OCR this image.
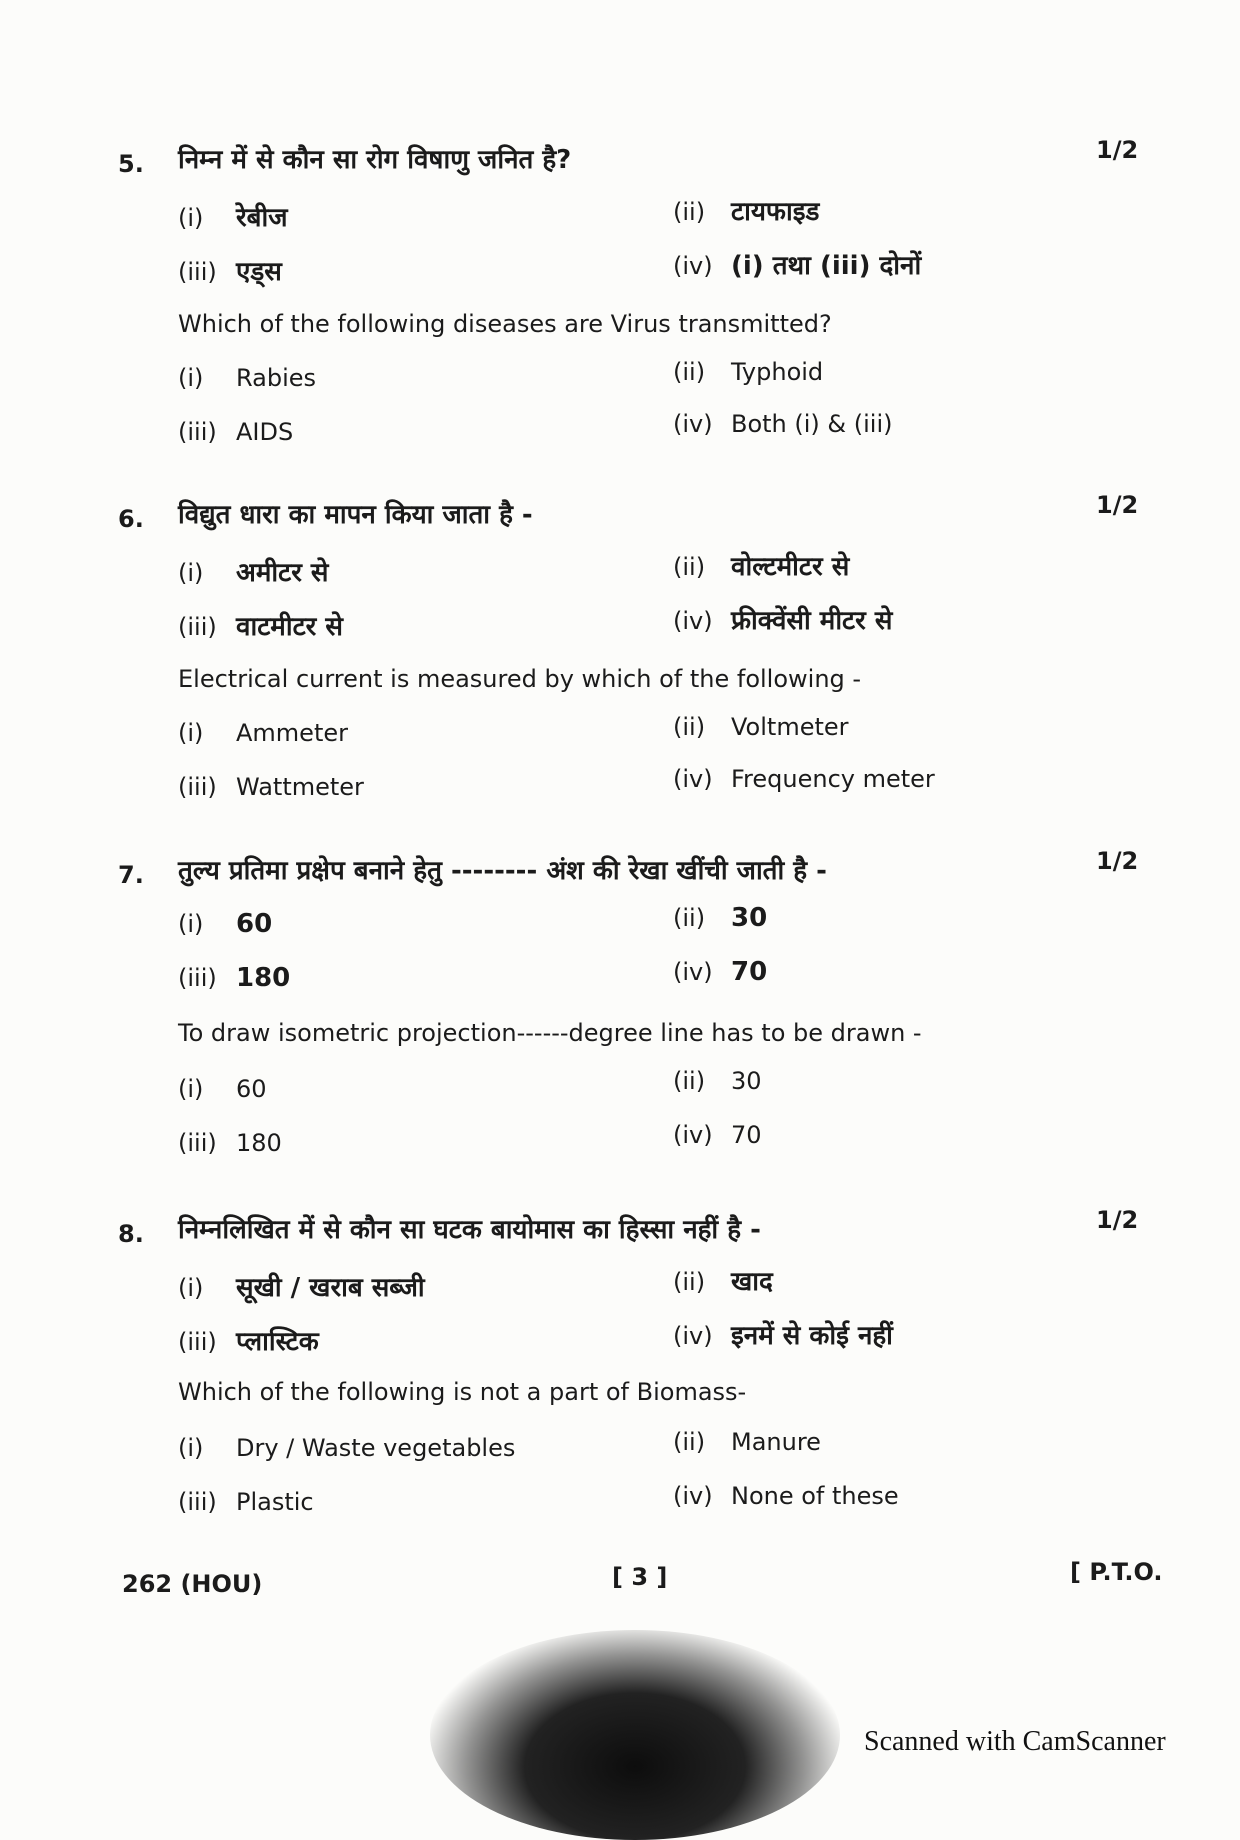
5. निम्न में से कौन सा रोग विषाणु जनित है?	1/2
(i) रेबीज	(ii) टायफाइड
(iii) एड्स	(iv) (i) तथा (iii) दोनों
Which of the following diseases are Virus transmitted?
(i) Rabies	(ii) Typhoid
(iii) AIDS	(iv) Both (i) & (iii)
6. विद्युत धारा का मापन किया जाता है -	1/2
(i) अमीटर से	(ii) वोल्टमीटर से
(iii) वाटमीटर से	(iv) फ्रीक्वेंसी मीटर से
Electrical current is measured by which of the following -
(i) Ammeter	(ii) Voltmeter
(iii) Wattmeter	(iv) Frequency meter
7. तुल्य प्रतिमा प्रक्षेप बनाने हेतु -------- अंश की रेखा खींची जाती है -	1/2
(i) 60	(ii) 30
(iii) 180	(iv) 70
To draw isometric projection------degree line has to be drawn -
(i) 60	(ii) 30
(iii) 180	(iv) 70
8. निम्नलिखित में से कौन सा घटक बायोमास का हिस्सा नहीं है -	1/2
(i) सूखी / खराब सब्जी	(ii) खाद
(iii) प्लास्टिक	(iv) इनमें से कोई नहीं
Which of the following is not a part of Biomass-
(i) Dry / Waste vegetables	(ii) Manure
(iii) Plastic	(iv) None of these
262 (HOU)	[ 3 ]	[ P.T.O.
Scanned with CamScanner
